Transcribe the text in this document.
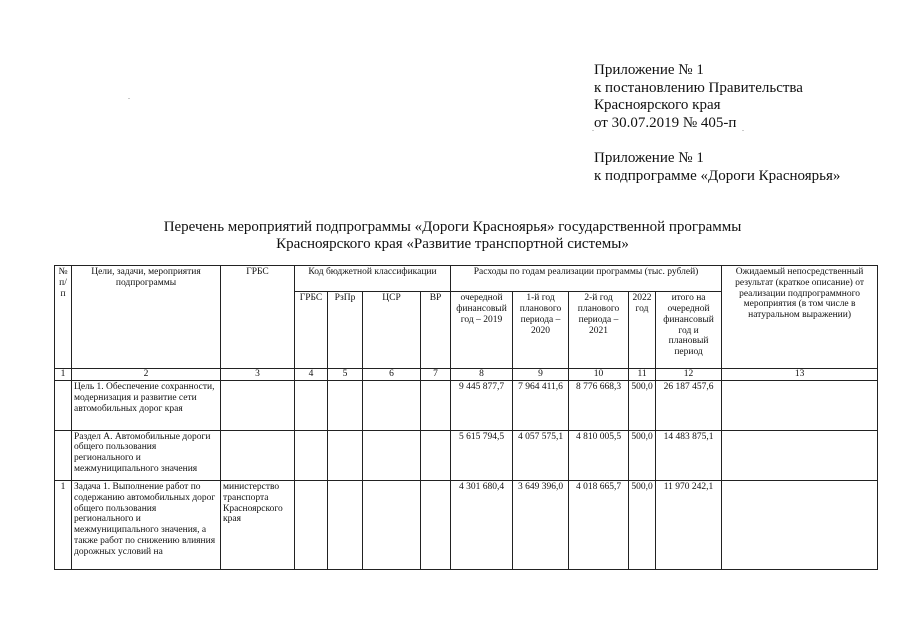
Приложение № 1
к постановлению Правительства
Красноярского края
от 30.07.2019 № 405-п
Приложение № 1
к подпрограмме «Дороги Красноярья»
Перечень мероприятий подпрограммы «Дороги Красноярья» государственной программы
Красноярского края «Развитие транспортной системы»
.
.	.
№ п/п	Цели, задачи, мероприятия подпрограммы	ГРБС	Код бюджетной классификации				Расходы по годам реализации программы (тыс. рублей)					Ожидаемый непосредственный результат (краткое описание) от реализации подпрограммного мероприятия (в том числе в натуральном выражении)
			ГРБС	РзПр	ЦСР	ВР	очередной финансовый год – 2019	1-й год планового периода – 2020	2-й год планового периода – 2021	2022 год	итого на очередной финансовый год и плановый период	
1	2	3	4	5	6	7	8	9	10	11	12	13
	Цель 1. Обеспечение сохранности, модернизация и развитие сети автомобильных дорог края						9 445 877,7	7 964 411,6	8 776 668,3	500,0	26 187 457,6	
	Раздел А. Автомобильные дороги общего пользования регионального и межмуниципального значения						5 615 794,5	4 057 575,1	4 810 005,5	500,0	14 483 875,1	
1	Задача 1. Выполнение работ по содержанию автомобильных дорог общего пользования регионального и межмуниципального значения, а также работ по снижению влияния дорожных условий на	министерство транспорта Красноярского края					4 301 680,4	3 649 396,0	4 018 665,7	500,0	11 970 242,1	
